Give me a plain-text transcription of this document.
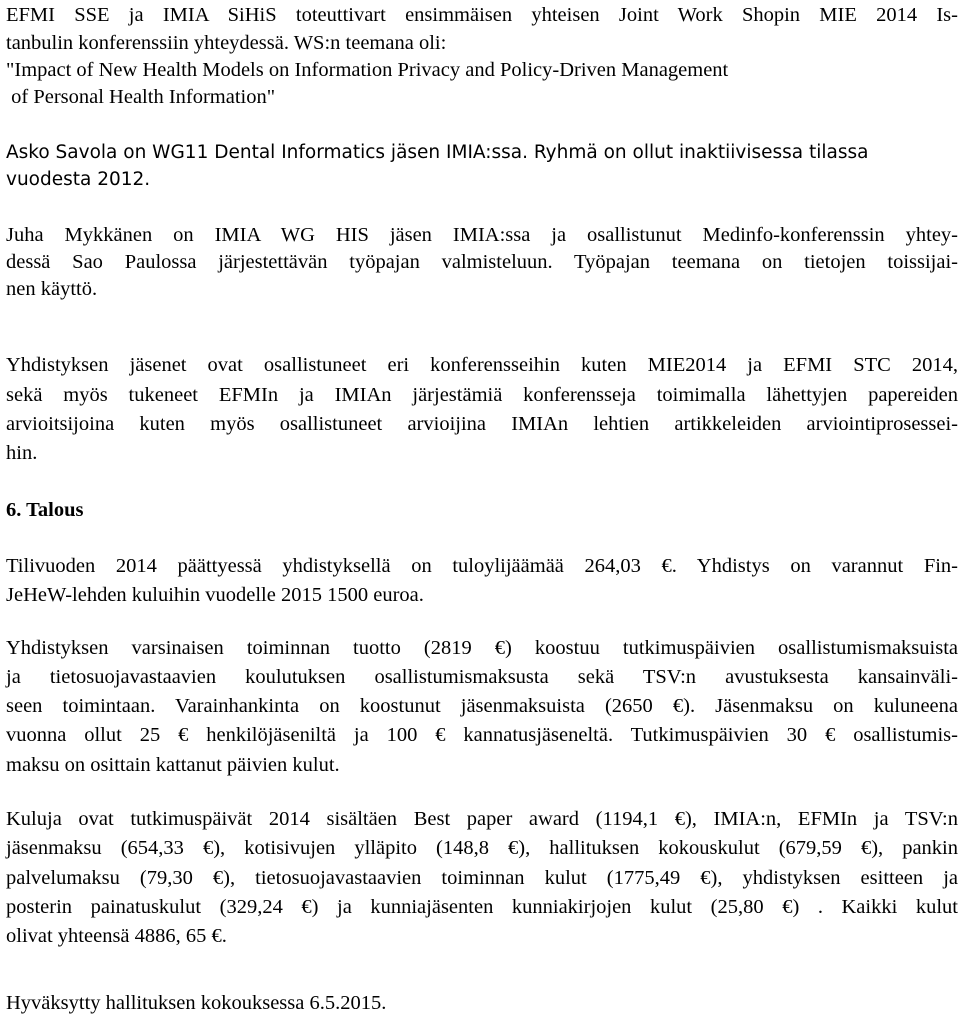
EFMI SSE ja IMIA SiHiS toteuttivart ensimmäisen yhteisen Joint Work Shopin MIE 2014 Is-
tanbulin konferenssiin yhteydessä. WS:n teemana oli:
"Impact of New Health Models on Information Privacy and Policy-Driven Management
of Personal Health Information"
Asko Savola on WG11 Dental Informatics jäsen IMIA:ssa. Ryhmä on ollut inaktiivisessa tilassa
vuodesta 2012.
Juha Mykkänen on IMIA WG HIS jäsen IMIA:ssa ja osallistunut Medinfo-konferenssin yhtey-
dessä Sao Paulossa järjestettävän työpajan valmisteluun. Työpajan teemana on tietojen toissijai-
nen käyttö.
Yhdistyksen jäsenet ovat osallistuneet eri konferensseihin kuten MIE2014 ja EFMI STC 2014,
sekä myös tukeneet EFMIn ja IMIAn järjestämiä konferensseja toimimalla lähettyjen papereiden
arvioitsijoina kuten myös osallistuneet arvioijina IMIAn lehtien artikkeleiden arviointiprosessei-
hin.
6. Talous
Tilivuoden 2014 päättyessä yhdistyksellä on tuloylijäämää 264,03 €. Yhdistys on varannut Fin-
JeHeW-lehden kuluihin vuodelle 2015 1500 euroa.
Yhdistyksen varsinaisen toiminnan tuotto (2819 €) koostuu tutkimuspäivien osallistumismaksuista
ja tietosuojavastaavien koulutuksen osallistumismaksusta sekä TSV:n avustuksesta kansainväli-
seen toimintaan. Varainhankinta on koostunut jäsenmaksuista (2650 €). Jäsenmaksu on kuluneena
vuonna ollut 25 € henkilöjäseniltä ja 100 € kannatusjäseneltä. Tutkimuspäivien 30 € osallistumis-
maksu on osittain kattanut päivien kulut.
Kuluja ovat tutkimuspäivät 2014 sisältäen Best paper award (1194,1 €), IMIA:n, EFMIn ja TSV:n
jäsenmaksu (654,33 €), kotisivujen ylläpito (148,8 €), hallituksen kokouskulut (679,59 €), pankin
palvelumaksu (79,30 €), tietosuojavastaavien toiminnan kulut (1775,49 €), yhdistyksen esitteen ja
posterin painatuskulut (329,24 €) ja kunniajäsenten kunniakirjojen kulut (25,80 €) . Kaikki kulut
olivat yhteensä 4886, 65 €.
Hyväksytty hallituksen kokouksessa 6.5.2015.
